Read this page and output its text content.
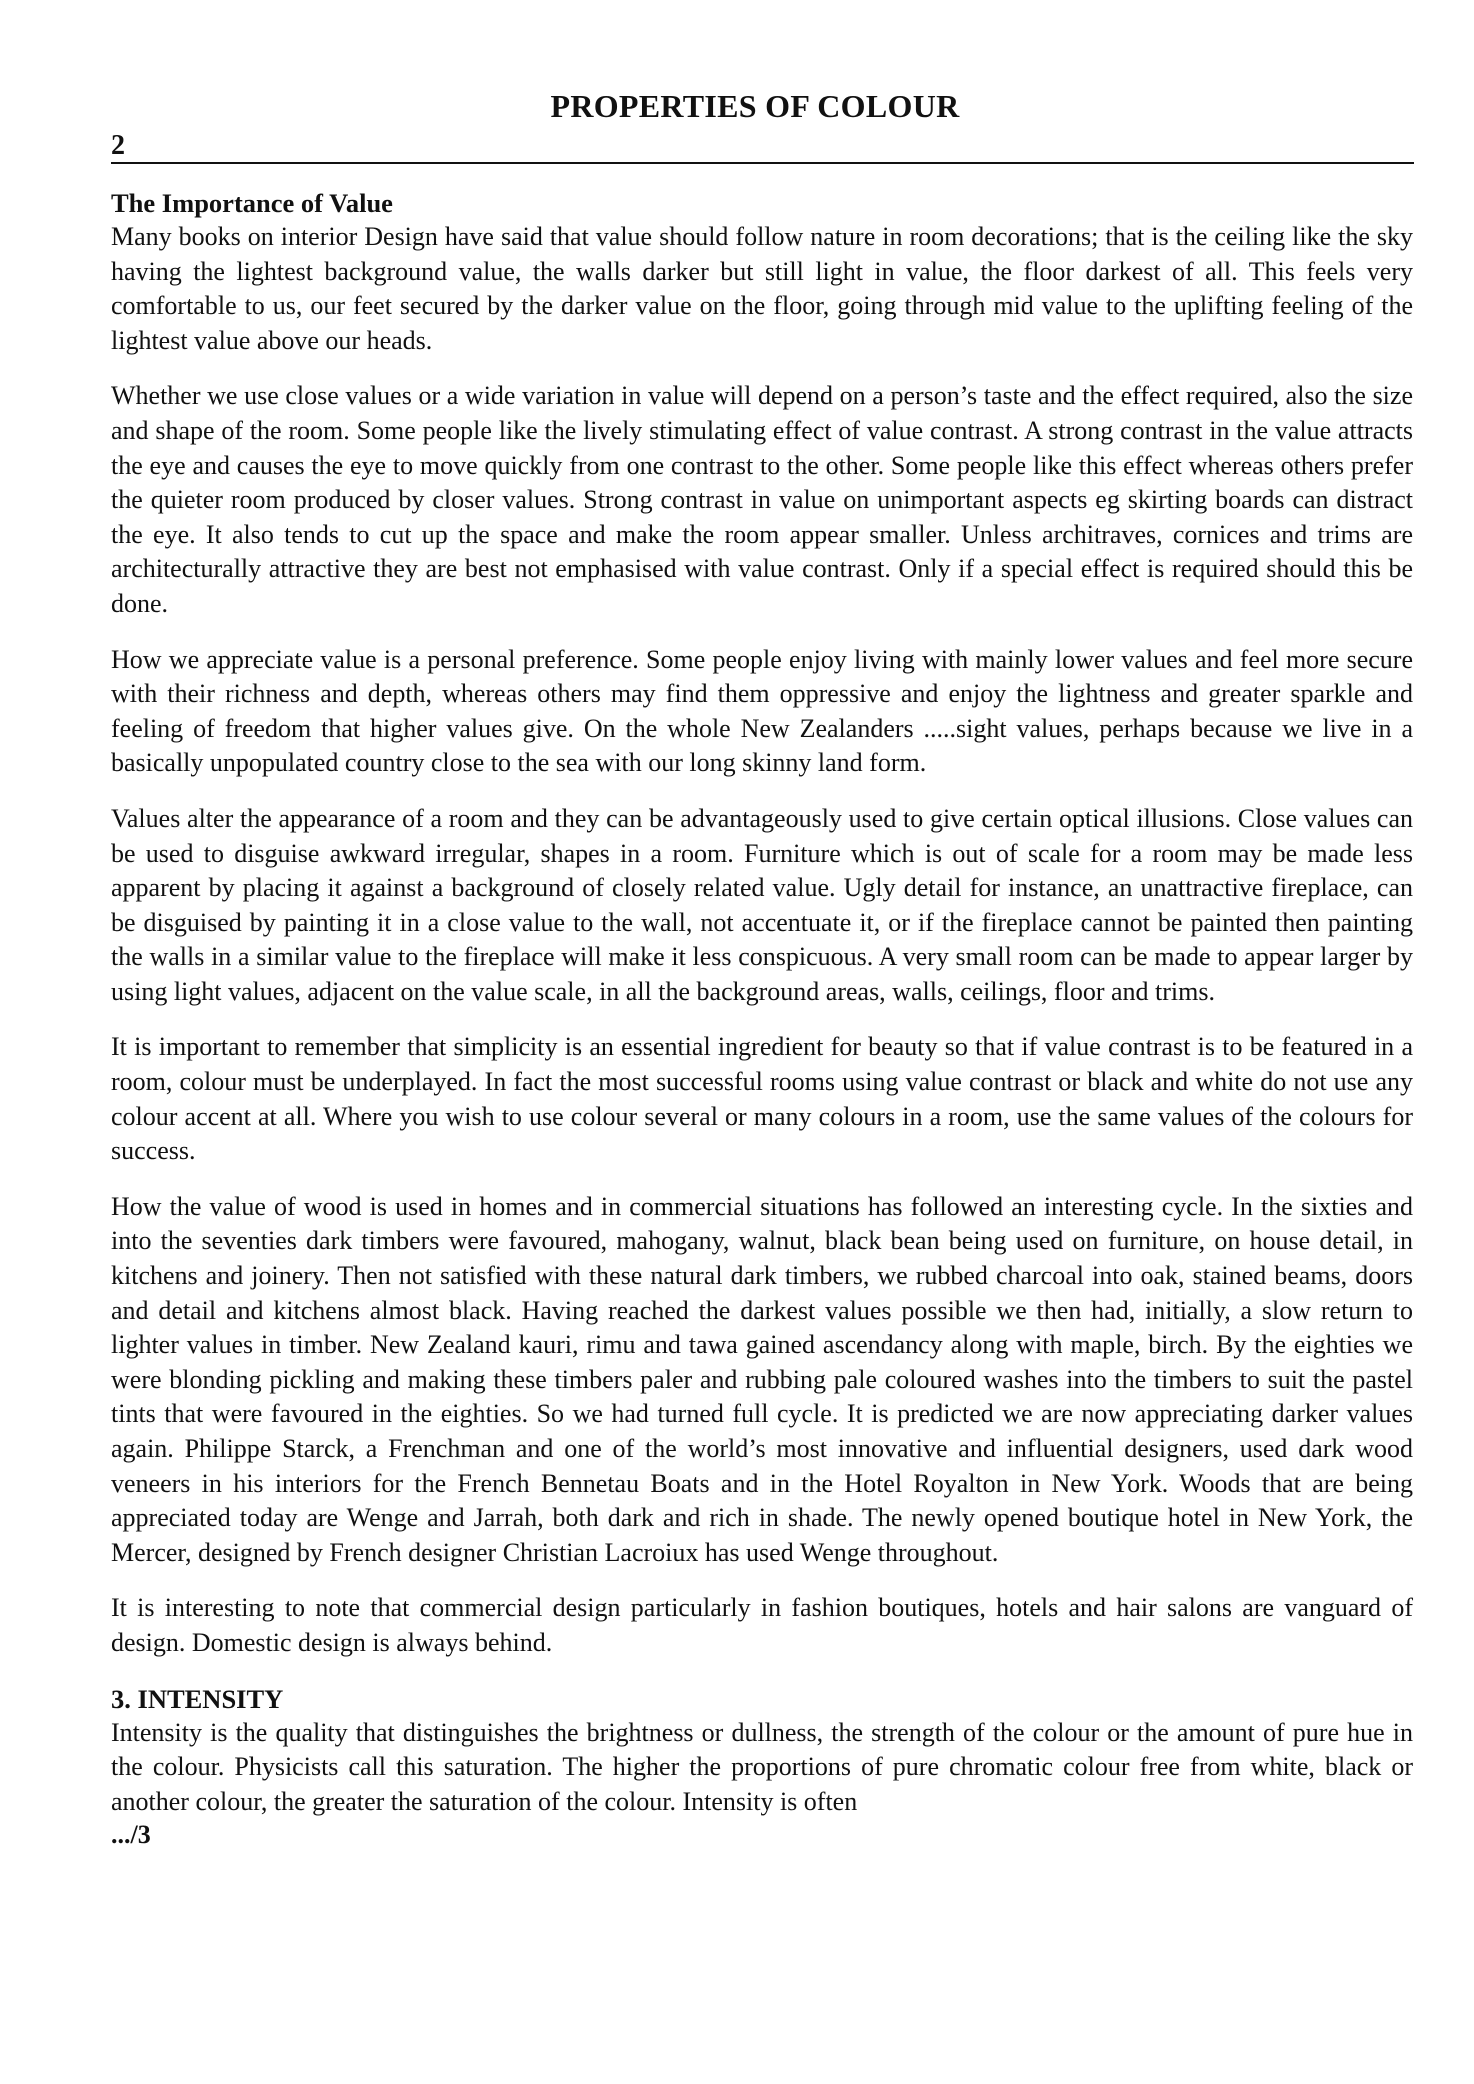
PROPERTIES OF COLOUR
2
The Importance of Value

Many books on interior Design have said that value should follow nature in room decorations; that is the ceiling like the sky having the lightest background value, the walls darker but still light in value, the floor darkest of all. This feels very comfortable to us, our feet secured by the darker value on the floor, going through mid value to the uplifting feeling of the lightest value above our heads.

Whether we use close values or a wide variation in value will depend on a person’s taste and the effect required, also the size and shape of the room. Some people like the lively stimulating effect of value contrast. A strong contrast in the value attracts the eye and causes the eye to move quickly from one contrast to the other. Some people like this effect whereas others prefer the quieter room produced by closer values. Strong contrast in value on unimportant aspects eg skirting boards can distract the eye. It also tends to cut up the space and make the room appear smaller. Unless architraves, cornices and trims are architecturally attractive they are best not emphasised with value contrast. Only if a special effect is required should this be done.

How we appreciate value is a personal preference. Some people enjoy living with mainly lower values and feel more secure with their richness and depth, whereas others may find them oppressive and enjoy the lightness and greater sparkle and feeling of freedom that higher values give. On the whole New Zealanders .....sight values, perhaps because we live in a basically unpopulated country close to the sea with our long skinny land form.

Values alter the appearance of a room and they can be advantageously used to give certain optical illusions. Close values can be used to disguise awkward irregular, shapes in a room. Furniture which is out of scale for a room may be made less apparent by placing it against a background of closely related value. Ugly detail for instance, an unattractive fireplace, can be disguised by painting it in a close value to the wall, not accentuate it, or if the fireplace cannot be painted then painting the walls in a similar value to the fireplace will make it less conspicuous. A very small room can be made to appear larger by using light values, adjacent on the value scale, in all the background areas, walls, ceilings, floor and trims.

It is important to remember that simplicity is an essential ingredient for beauty so that if value contrast is to be featured in a room, colour must be underplayed. In fact the most successful rooms using value contrast or black and white do not use any colour accent at all. Where you wish to use colour several or many colours in a room, use the same values of the colours for success.

How the value of wood is used in homes and in commercial situations has followed an interesting cycle. In the sixties and into the seventies dark timbers were favoured, mahogany, walnut, black bean being used on furniture, on house detail, in kitchens and joinery. Then not satisfied with these natural dark timbers, we rubbed charcoal into oak, stained beams, doors and detail and kitchens almost black. Having reached the darkest values possible we then had, initially, a slow return to lighter values in timber. New Zealand kauri, rimu and tawa gained ascendancy along with maple, birch. By the eighties we were blonding pickling and making these timbers paler and rubbing pale coloured washes into the timbers to suit the pastel tints that were favoured in the eighties. So we had turned full cycle. It is predicted we are now appreciating darker values again. Philippe Starck, a Frenchman and one of the world’s most innovative and influential designers, used dark wood veneers in his interiors for the French Bennetau Boats and in the Hotel Royalton in New York. Woods that are being appreciated today are Wenge and Jarrah, both dark and rich in shade. The newly opened boutique hotel in New York, the Mercer, designed by French designer Christian Lacroiux has used Wenge throughout.

It is interesting to note that commercial design particularly in fashion boutiques, hotels and hair salons are vanguard of design. Domestic design is always behind.

3. INTENSITY

Intensity is the quality that distinguishes the brightness or dullness, the strength of the colour or the amount of pure hue in the colour. Physicists call this saturation. The higher the proportions of pure chromatic colour free from white, black or another colour, the greater the saturation of the colour. Intensity is often

.../3
